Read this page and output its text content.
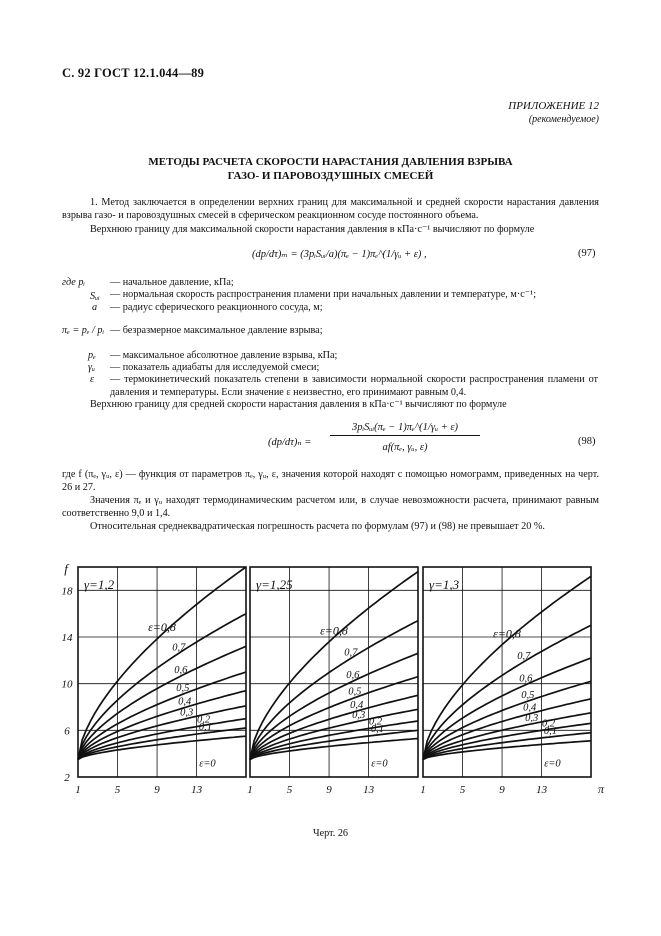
С. 92 ГОСТ 12.1.044—89
ПРИЛОЖЕНИЕ 12
(рекомендуемое)
МЕТОДЫ РАСЧЕТА СКОРОСТИ НАРАСТАНИЯ ДАВЛЕНИЯ ВЗРЫВА
ГАЗО- И ПАРОВОЗДУШНЫХ СМЕСЕЙ
1. Метод заключается в определении верхних границ для максимальной и средней скорости нарастания давления взрыва газо- и паровоздушных смесей в сферическом реакционном сосуде постоянного объема.
Верхнюю границу для максимальной скорости нарастания давления в кПа·с⁻¹ вычисляют по формуле
(dp/dτ)ₘ = (3pᵢSᵤᵢ/a)(πₑ − 1)πₑ^(1/γᵤ + ε) ,	(97)
где pᵢ — начальное давление, кПа;
Sᵤᵢ — нормальная скорость распространения пламени при начальных давлении и температуре, м·с⁻¹;
a — радиус сферического реакционного сосуда, м;
πₑ = pₑ / pᵢ — безразмерное максимальное давление взрыва;
pₑ — максимальное абсолютное давление взрыва, кПа;
γᵤ — показатель адиабаты для исследуемой смеси;
ε — термокинетический показатель степени в зависимости нормальной скорости распространения пламени от давления и температуры. Если значение ε неизвестно, его принимают равным 0,4.
Верхнюю границу для средней скорости нарастания давления в кПа·с⁻¹ вычисляют по формуле
(dp/dτ)ₙ =
3pᵢSᵤᵢ(πₑ − 1)πₑ^(1/γᵤ + ε)
af(πₑ, γᵤ, ε)
(98)
где f (πₑ, γᵤ, ε) — функция от параметров πₑ, γᵤ, ε, значения которой находят с помощью номограмм, приведенных на черт. 26 и 27.
Значения πₑ и γᵤ находят термодинамическим расчетом или, в случае невозможности расчета, принимают равным соответственно 9,0 и 1,4.
Относительная среднеквадратическая погрешность расчета по формулам (97) и (98) не превышает 20 %.
f
2
6
10
14
18
ε=0,8
0,7
0,6
0,5
0,4
0,3
0,2
0,1
ε=0
γ=1,2
1	5	9	13
ε=0,8
0,7
0,6
0,5
0,4
0,3
0,2
0,1
ε=0
γ=1,25
1	5	9	13
ε=0,8
0,7
0,6
0,5
0,4
0,3 0,2
0,1
ε=0
γ=1,3
1	5	9	13	π
Черт. 26
